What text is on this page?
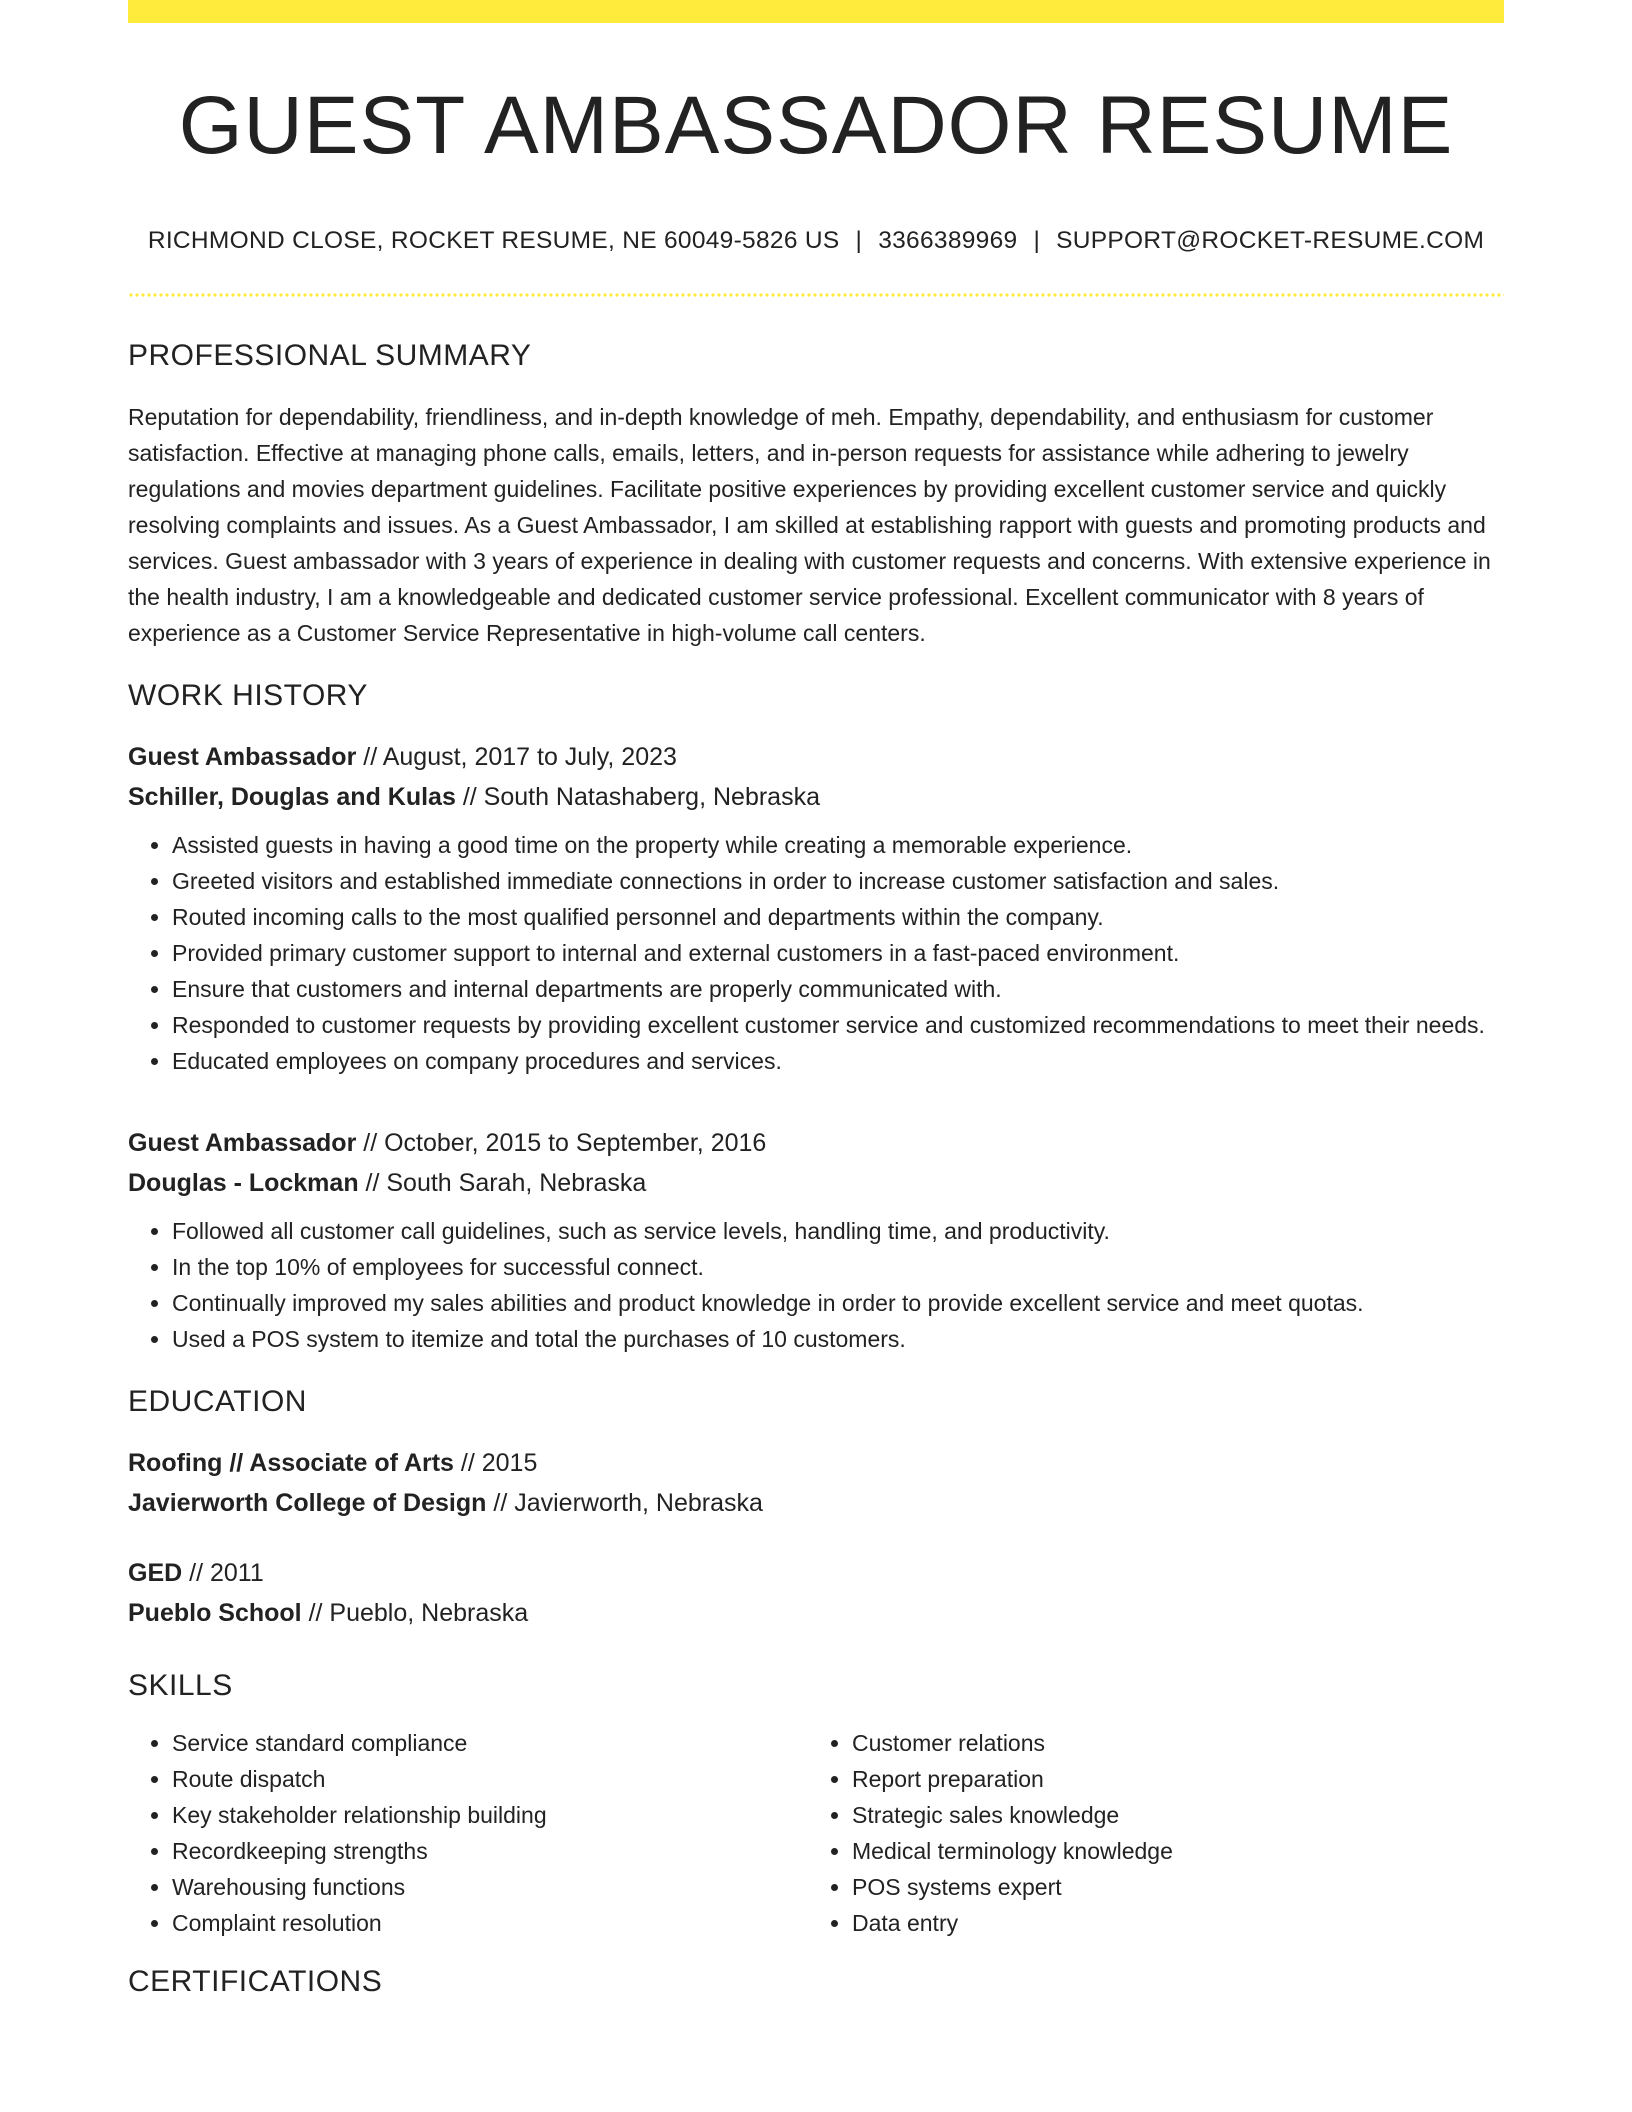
GUEST AMBASSADOR RESUME
RICHMOND CLOSE, ROCKET RESUME, NE 60049-5826 US | 3366389969 | SUPPORT@ROCKET-RESUME.COM
PROFESSIONAL SUMMARY

Reputation for dependability, friendliness, and in-depth knowledge of meh. Empathy, dependability, and enthusiasm for customer satisfaction. Effective at managing phone calls, emails, letters, and in-person requests for assistance while adhering to jewelry regulations and movies department guidelines. Facilitate positive experiences by providing excellent customer service and quickly resolving complaints and issues. As a Guest Ambassador, I am skilled at establishing rapport with guests and promoting products and services. Guest ambassador with 3 years of experience in dealing with customer requests and concerns. With extensive experience in the health industry, I am a knowledgeable and dedicated customer service professional. Excellent communicator with 8 years of experience as a Customer Service Representative in high-volume call centers.

WORK HISTORY
Guest Ambassador // August, 2017 to July, 2023
Schiller, Douglas and Kulas // South Natashaberg, Nebraska
• Assisted guests in having a good time on the property while creating a memorable experience.
• Greeted visitors and established immediate connections in order to increase customer satisfaction and sales.
• Routed incoming calls to the most qualified personnel and departments within the company.
• Provided primary customer support to internal and external customers in a fast-paced environment.
• Ensure that customers and internal departments are properly communicated with.
• Responded to customer requests by providing excellent customer service and customized recommendations to meet their needs.
• Educated employees on company procedures and services.
Guest Ambassador // October, 2015 to September, 2016
Douglas - Lockman // South Sarah, Nebraska
• Followed all customer call guidelines, such as service levels, handling time, and productivity.
• In the top 10% of employees for successful connect.
• Continually improved my sales abilities and product knowledge in order to provide excellent service and meet quotas.
• Used a POS system to itemize and total the purchases of 10 customers.
EDUCATION
Roofing // Associate of Arts // 2015
Javierworth College of Design // Javierworth, Nebraska
GED // 2011
Pueblo School // Pueblo, Nebraska
SKILLS
• Service standard compliance
• Route dispatch
• Key stakeholder relationship building
• Recordkeeping strengths
• Warehousing functions
• Complaint resolution
• Customer relations
• Report preparation
• Strategic sales knowledge
• Medical terminology knowledge
• POS systems expert
• Data entry
CERTIFICATIONS
